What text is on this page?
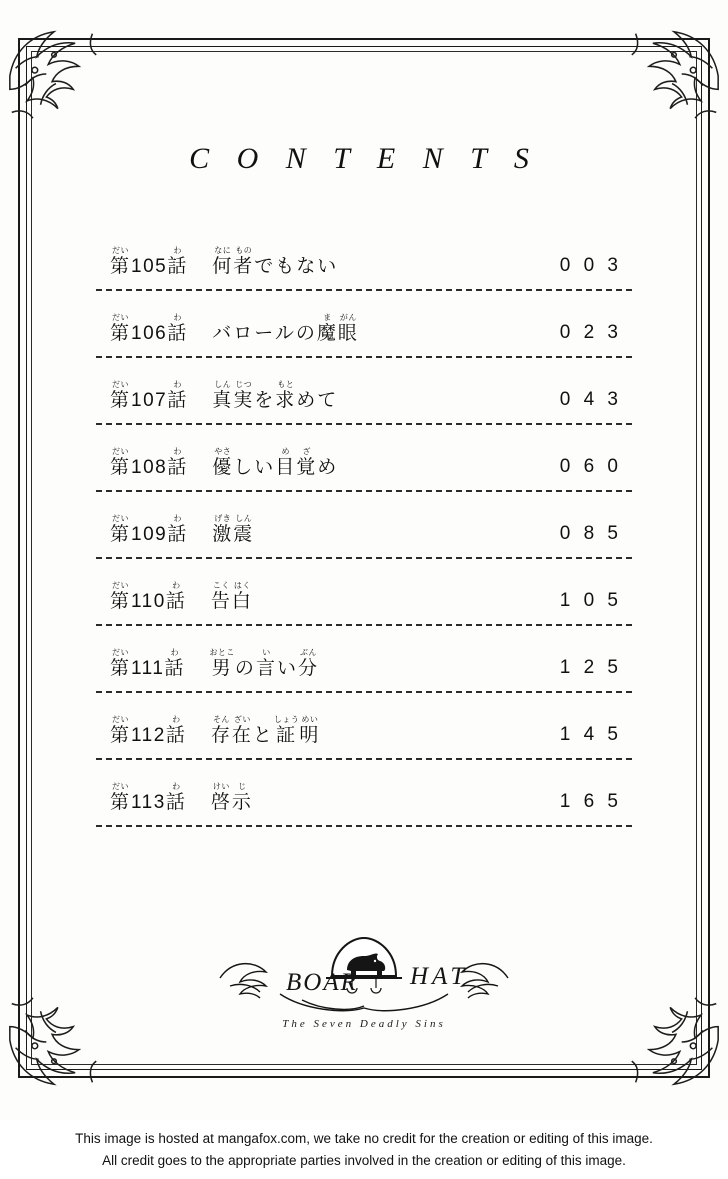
C O N T E N T S
だい
第 105
わ
話
なに
何
もの
者 でもない	0 0 3
だい
第 106
わ
話 バロールの
ま
魔
がん
眼	0 2 3
だい
第 107
わ
話
しん
真
じつ
実 を
もと
求 めて	0 4 3
だい
第 108
わ
話
やさ
優 しい
め
目
ざ
覚 め	0 6 0
だい
第 109
わ
話
げき
激
しん
震	0 8 5
だい
第 110
わ
話
こく
告
はく
白	1 0 5
だい
第 111
わ
話
おとこ
男 の
い
言 い
ぶん
分	1 2 5
だい
第 112
わ
話
そん
存
ざい
在 と
しょう
証
めい
明	1 4 5
だい
第 113
わ
話
けい
啓
じ
示	1 6 5
BOAR HAT
The Seven Deadly Sins
This image is hosted at mangafox.com, we take no credit for the creation or editing of this image.
All credit goes to the appropriate parties involved in the creation or editing of this image.
